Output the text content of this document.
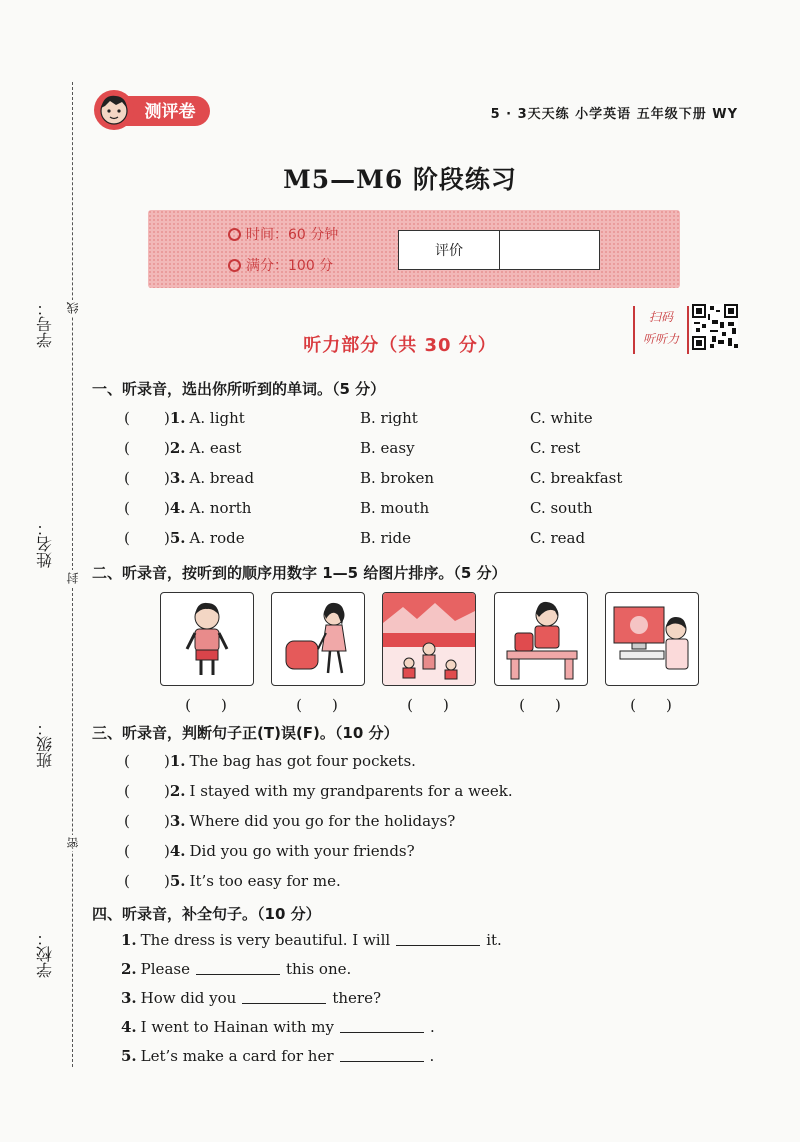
学号：
姓名：
班级：
学校：
线
封
密
测评卷	5 · 3天天练 小学英语 五年级下册 WY
M5—M6 阶段练习
时间：60 分钟
满分：100 分
评价
扫码
听听力
听力部分（共 30 分）
一、听录音，选出你所听到的单词。（5 分）
(	) 1. A. light	B. right	C. white
(	) 2. A. east	B. easy	C. rest
(	) 3. A. bread	B. broken	C. breakfast
(	) 4. A. north	B. mouth	C. south
(	) 5. A. rode	B. ride	C. read
二、听录音，按听到的顺序用数字 1—5 给图片排序。（5 分）
(　　)	(　　)	(　　)	(　　)	(　　)
三、听录音，判断句子正(T)误(F)。（10 分）
(	) 1. The bag has got four pockets.
(	) 2. I stayed with my grandparents for a week.
(	) 3. Where did you go for the holidays?
(	) 4. Did you go with your friends?
(	) 5. It’s too easy for me.
四、听录音，补全句子。（10 分）
1. The dress is very beautiful. I will	it.
2. Please	this one.
3. How did you	there?
4. I went to Hainan with my	.
5. Let’s make a card for her	.
